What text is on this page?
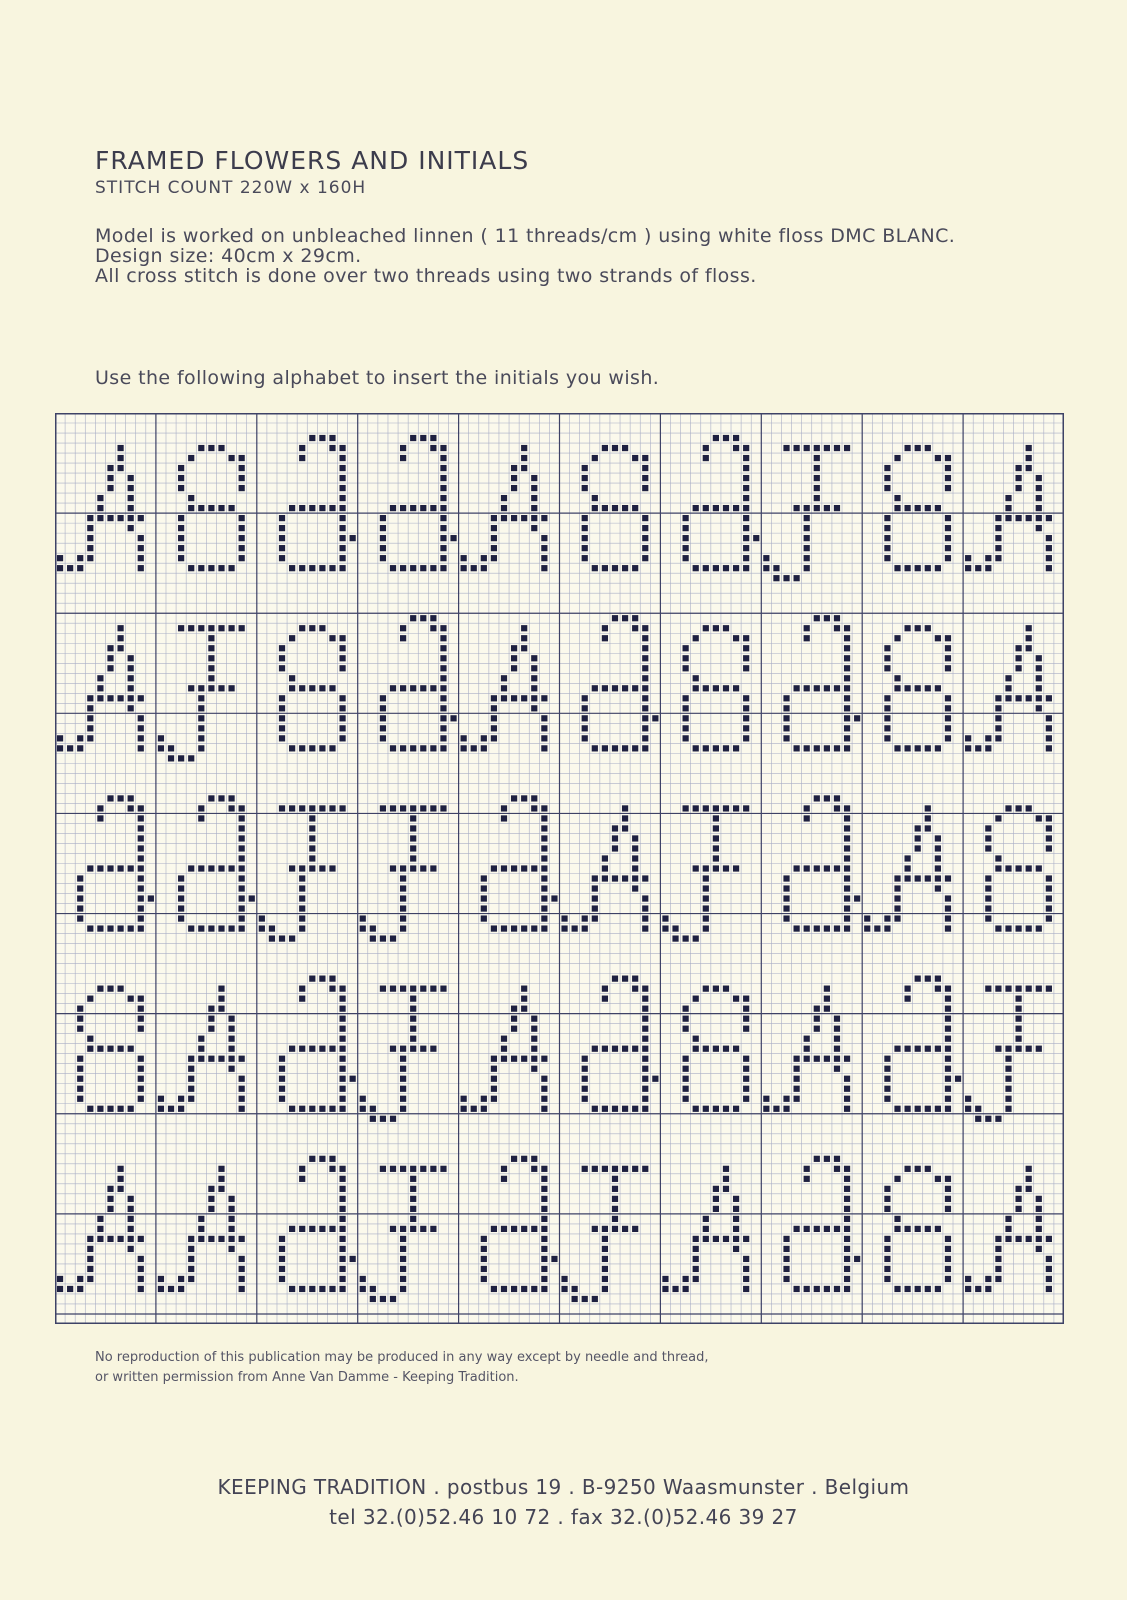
FRAMED FLOWERS AND INITIALS
STITCH COUNT 220W x 160H
Model is worked on unbleached linnen ( 11 threads/cm ) using white floss DMC BLANC.
Design size: 40cm x 29cm.
All cross stitch is done over two threads using two strands of floss.
Use the following alphabet to insert the initials you wish.
No reproduction of this publication may be produced in any way except by needle and thread,
or written permission from Anne Van Damme - Keeping Tradition.
KEEPING TRADITION . postbus 19 . B-9250 Waasmunster . Belgium
tel 32.(0)52.46 10 72 . fax 32.(0)52.46 39 27
